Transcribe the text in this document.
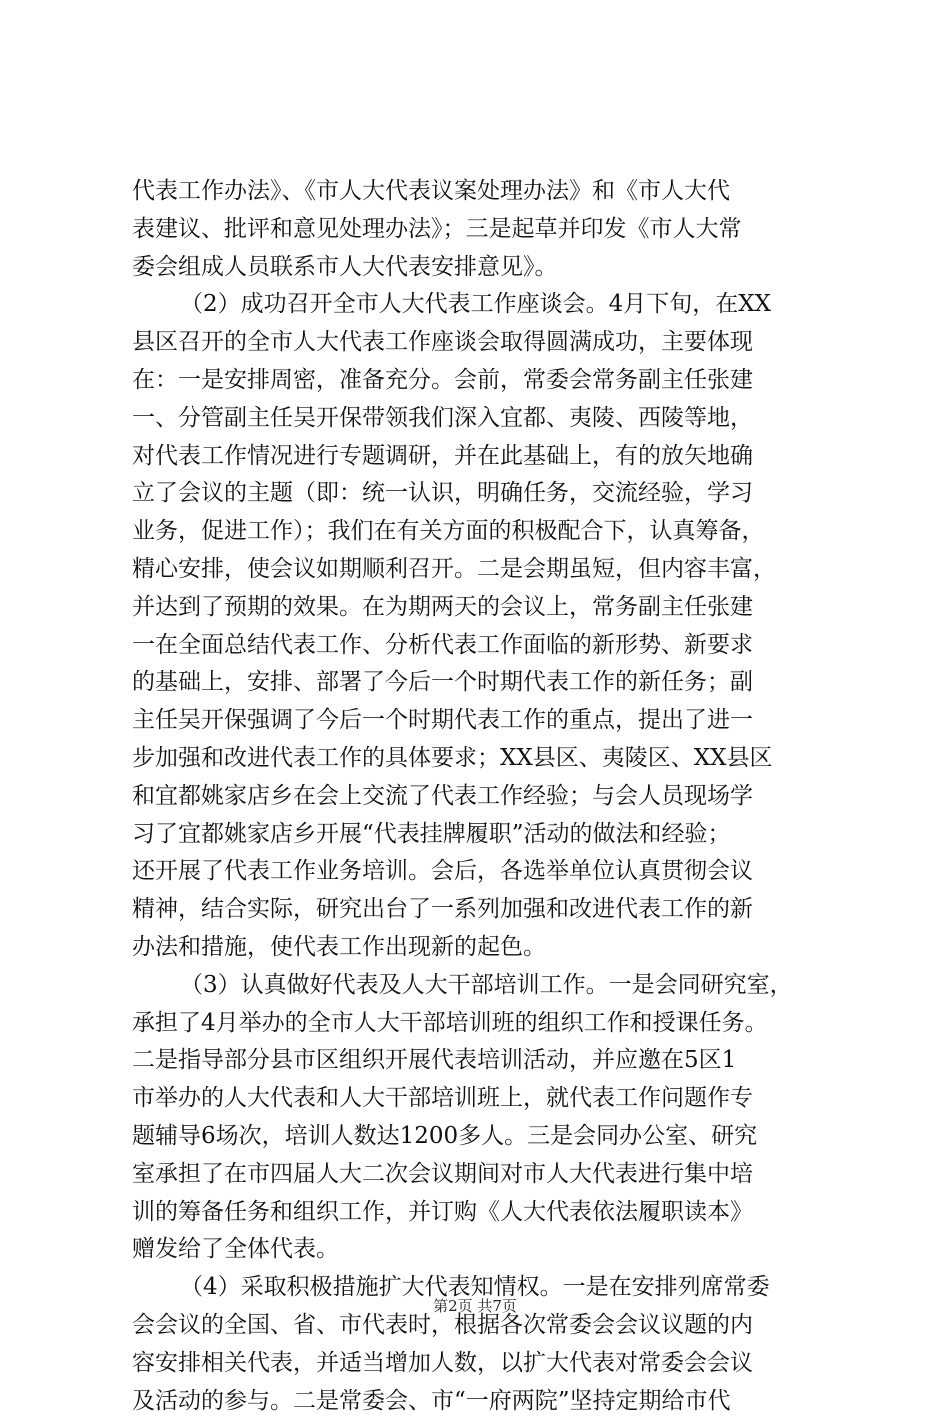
代表工作办法》、《市人大代表议案处理办法》和《市人大代
表建议、批评和意见处理办法》；三是起草并印发《市人大常
委会组成人员联系市人大代表安排意见》。
（2）成功召开全市人大代表工作座谈会。4月下旬，在XX
县区召开的全市人大代表工作座谈会取得圆满成功，主要体现
在：一是安排周密，准备充分。会前，常委会常务副主任张建
一、分管副主任吴开保带领我们深入宜都、夷陵、西陵等地，
对代表工作情况进行专题调研，并在此基础上，有的放矢地确
立了会议的主题（即：统一认识，明确任务，交流经验，学习
业务，促进工作）；我们在有关方面的积极配合下，认真筹备，
精心安排，使会议如期顺利召开。二是会期虽短，但内容丰富，
并达到了预期的效果。在为期两天的会议上，常务副主任张建
一在全面总结代表工作、分析代表工作面临的新形势、新要求
的基础上，安排、部署了今后一个时期代表工作的新任务；副
主任吴开保强调了今后一个时期代表工作的重点，提出了进一
步加强和改进代表工作的具体要求；XX县区、夷陵区、XX县区
和宜都姚家店乡在会上交流了代表工作经验；与会人员现场学
习了宜都姚家店乡开展“代表挂牌履职”活动的做法和经验；
还开展了代表工作业务培训。会后，各选举单位认真贯彻会议
精神，结合实际，研究出台了一系列加强和改进代表工作的新
办法和措施，使代表工作出现新的起色。
（3）认真做好代表及人大干部培训工作。一是会同研究室，
承担了4月举办的全市人大干部培训班的组织工作和授课任务。
二是指导部分县市区组织开展代表培训活动，并应邀在5区1
市举办的人大代表和人大干部培训班上，就代表工作问题作专
题辅导6场次，培训人数达1200多人。三是会同办公室、研究
室承担了在市四届人大二次会议期间对市人大代表进行集中培
训的筹备任务和组织工作，并订购《人大代表依法履职读本》
赠发给了全体代表。
（4）采取积极措施扩大代表知情权。一是在安排列席常委
会会议的全国、省、市代表时，根据各次常委会会议议题的内
容安排相关代表，并适当增加人数，以扩大代表对常委会会议
及活动的参与。二是常委会、市“一府两院”坚持定期给市代
第2页 共7页
